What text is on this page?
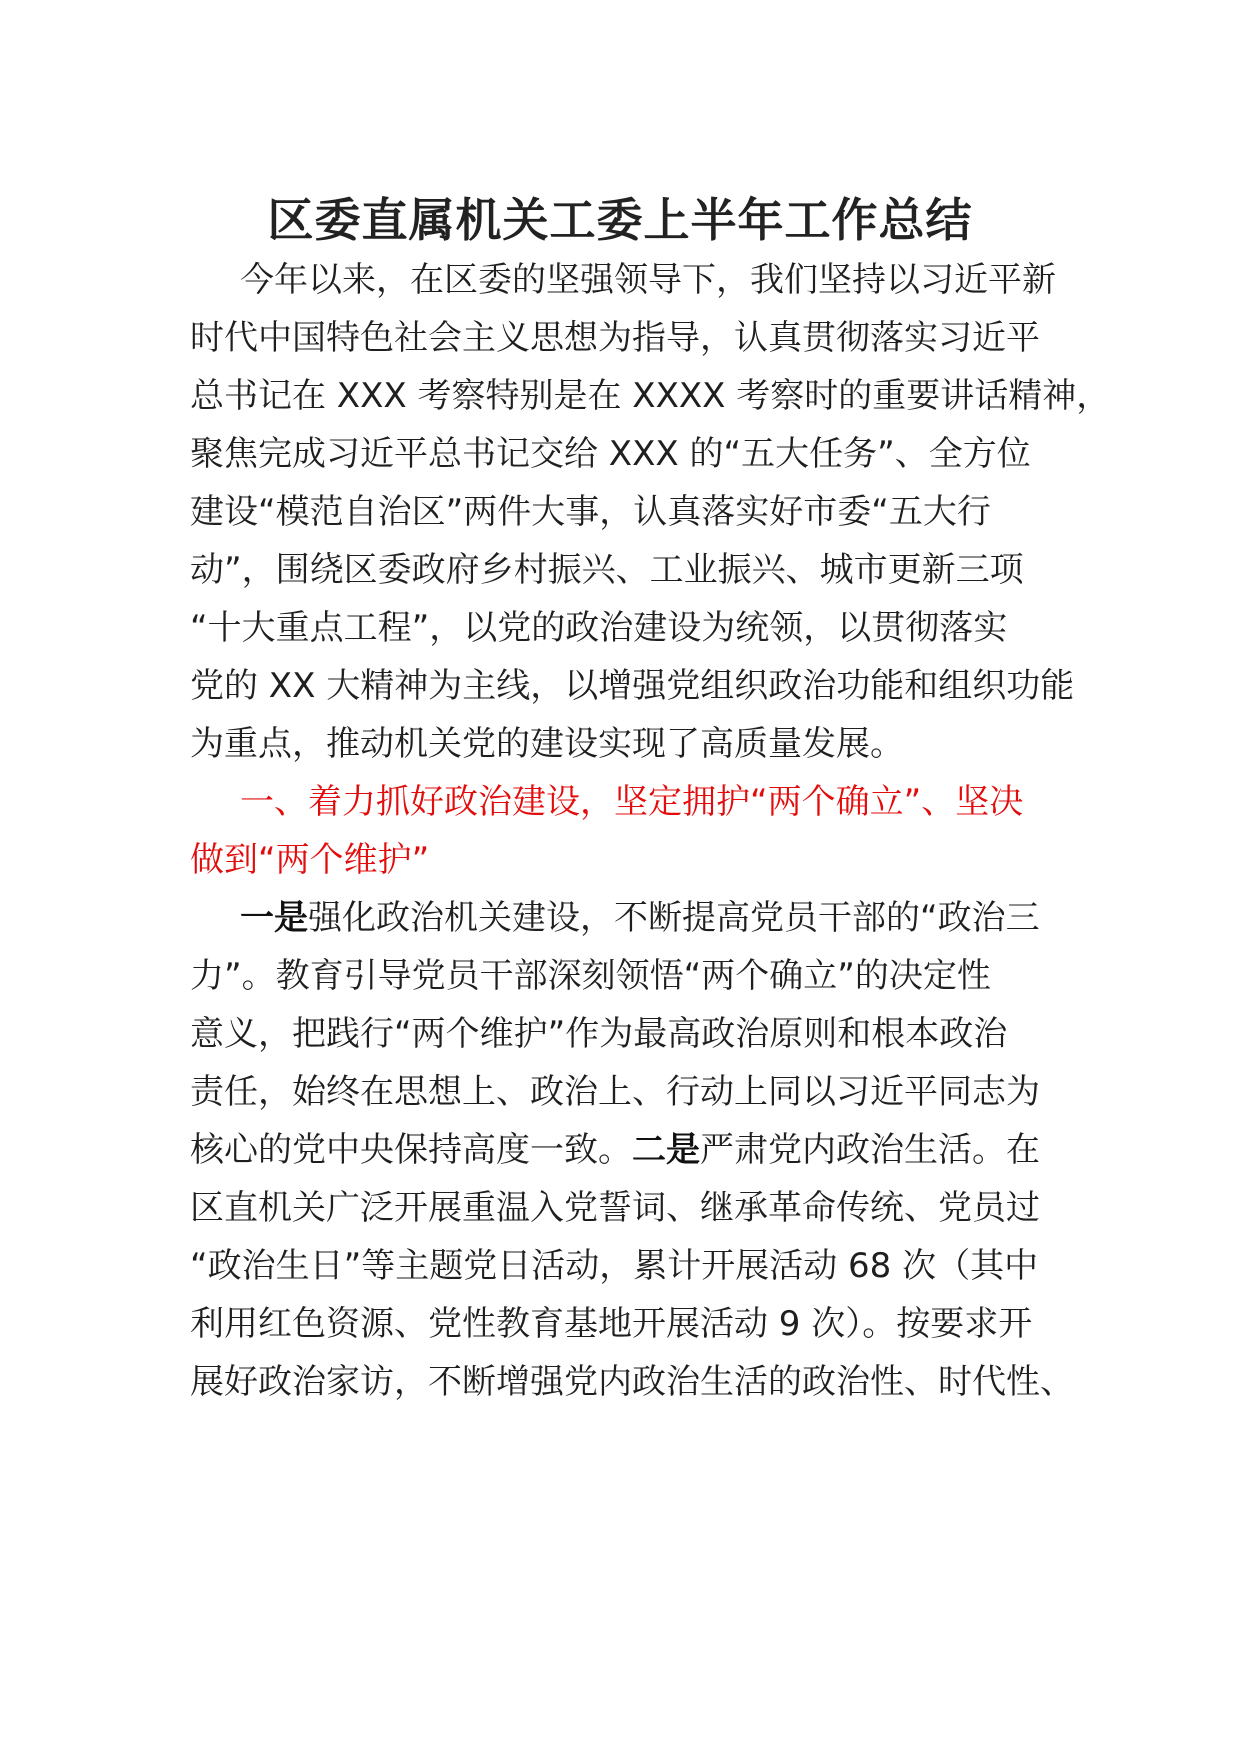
区委直属机关工委上半年工作总结
今年以来，在区委的坚强领导下，我们坚持以习近平新
时代中国特色社会主义思想为指导，认真贯彻落实习近平
总书记在 XXX 考察特别是在 XXXX 考察时的重要讲话精神，
聚焦完成习近平总书记交给 XXX 的“五大任务”、全方位
建设“模范自治区”两件大事，认真落实好市委“五大行
动”，围绕区委政府乡村振兴、工业振兴、城市更新三项
“十大重点工程”，以党的政治建设为统领，以贯彻落实
党的 XX 大精神为主线，以增强党组织政治功能和组织功能
为重点，推动机关党的建设实现了高质量发展。
一、着力抓好政治建设，坚定拥护“两个确立”、坚决
做到“两个维护”
一是强化政治机关建设，不断提高党员干部的“政治三
力”。教育引导党员干部深刻领悟“两个确立”的决定性
意义，把践行“两个维护”作为最高政治原则和根本政治
责任，始终在思想上、政治上、行动上同以习近平同志为
核心的党中央保持高度一致。二是严肃党内政治生活。在
区直机关广泛开展重温入党誓词、继承革命传统、党员过
“政治生日”等主题党日活动，累计开展活动 68 次（其中
利用红色资源、党性教育基地开展活动 9 次）。按要求开
展好政治家访，不断增强党内政治生活的政治性、时代性、
